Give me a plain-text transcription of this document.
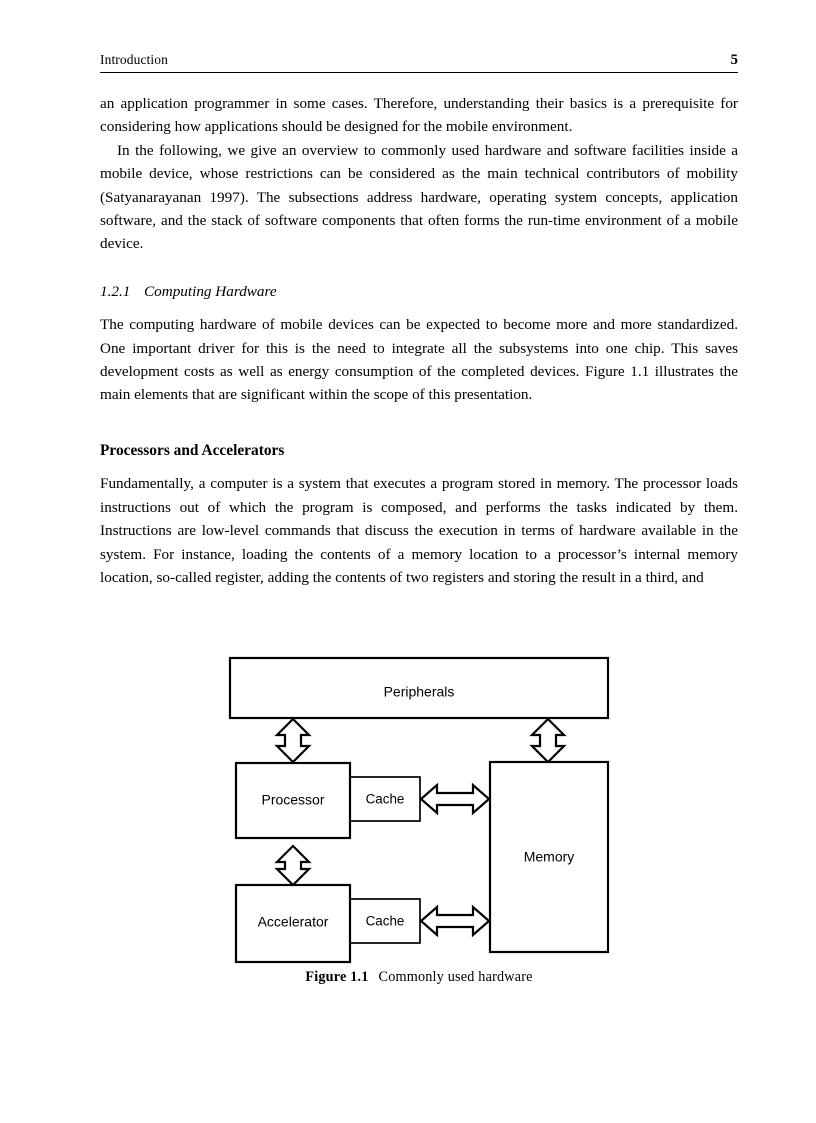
Introduction	5

an application programmer in some cases. Therefore, understanding their basics is a prerequisite for considering how applications should be designed for the mobile environment.

In the following, we give an overview to commonly used hardware and software facilities inside a mobile device, whose restrictions can be considered as the main technical contributors of mobility (Satyanarayanan 1997). The subsections address hardware, operating system concepts, application software, and the stack of software components that often forms the run-time environment of a mobile device.

1.2.1 Computing Hardware

The computing hardware of mobile devices can be expected to become more and more standardized. One important driver for this is the need to integrate all the subsystems into one chip. This saves development costs as well as energy consumption of the completed devices. Figure 1.1 illustrates the main elements that are significant within the scope of this presentation.

Processors and Accelerators

Fundamentally, a computer is a system that executes a program stored in memory. The processor loads instructions out of which the program is composed, and performs the tasks indicated by them. Instructions are low-level commands that discuss the execution in terms of hardware available in the system. For instance, loading the contents of a memory location to a processor’s internal memory location, so-called register, adding the contents of two registers and storing the result in a third, and

Peripherals
Cache
Processor
Cache
Accelerator
Memory
Figure 1.1 Commonly used hardware
